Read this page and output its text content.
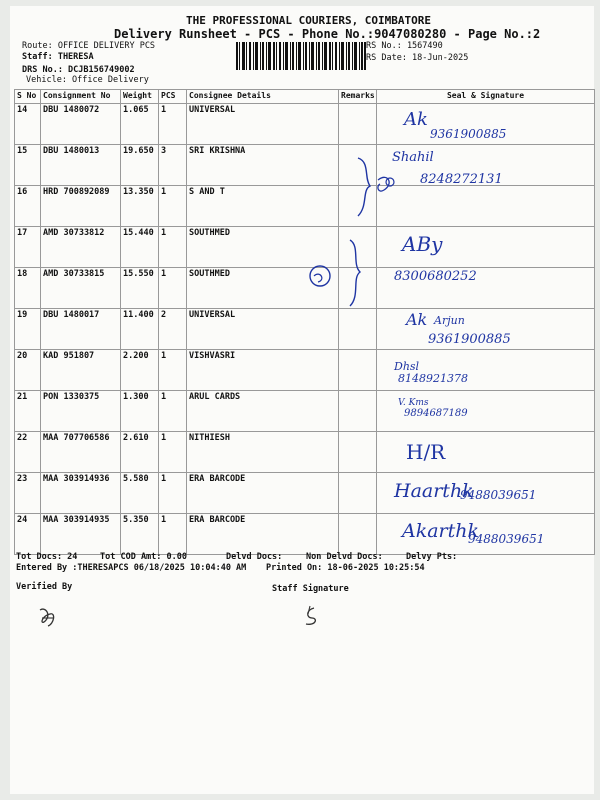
THE PROFESSIONAL COURIERS, COIMBATORE
Delivery Runsheet - PCS - Phone No.:9047080280 - Page No.:2
Route: OFFICE DELIVERY PCS
Staff: THERESA
DRS No.: DCJB156749002
Vehicle: Office Delivery
RS No.: 1567490
RS Date: 18-Jun-2025
S No	Consignment No	Weight	PCS	Consignee Details	Remarks	Seal & Signature
14	DBU 1480072	1.065	1	UNIVERSAL		
15	DBU 1480013	19.650	3	SRI KRISHNA		
16	HRD 700892089	13.350	1	S AND T		
17	AMD 30733812	15.440	1	SOUTHMED		
18	AMD 30733815	15.550	1	SOUTHMED		
19	DBU 1480017	11.400	2	UNIVERSAL		
20	KAD 951807	2.200	1	VISHVASRI		
21	PON 1330375	1.300	1	ARUL CARDS		
22	MAA 707706586	2.610	1	NITHIESH		
23	MAA 303914936	5.580	1	ERA BARCODE		
24	MAA 303914935	5.350	1	ERA BARCODE		
Ak
9361900885
Shahil
8248272131
ABy
8300680252
Ak Arjun
9361900885
Dhsl
8148921378
V. Kms
9894687189
H/R
Haarthk
9488039651
Akarthk
9488039651
Tot Docs: 24	Tot COD Amt: 0.00	Delvd Docs:	Non Delvd Docs:	Delvy Pts:
Entered By :THERESAPCS 06/18/2025 10:04:40 AM Printed On: 18-06-2025 10:25:54
Verified By	Staff Signature
